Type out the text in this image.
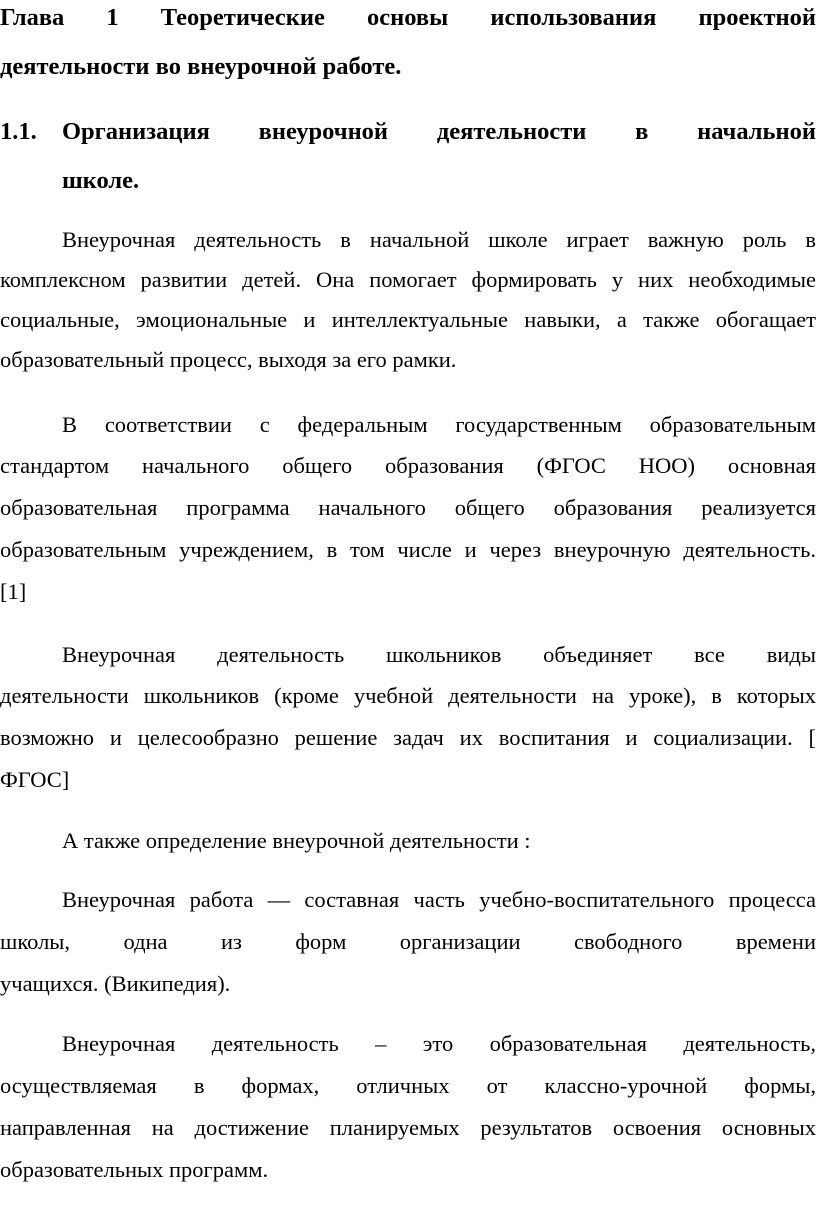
Глава 1 Теоретические основы использования проектной
деятельности во внеурочной работе.
1.1. Организация внеурочной деятельности в начальной
школе.
Внеурочная деятельность в начальной школе играет важную роль в
комплексном развитии детей. Она помогает формировать у них необходимые
социальные, эмоциональные и интеллектуальные навыки, а также обогащает
образовательный процесс, выходя за его рамки.
В соответствии с федеральным государственным образовательным
стандартом начального общего образования (ФГОС НОО) основная
образовательная программа начального общего образования реализуется
образовательным учреждением, в том числе и через внеурочную деятельность.
[1]
Внеурочная деятельность школьников объединяет все виды
деятельности школьников (кроме учебной деятельности на уроке), в которых
возможно и целесообразно решение задач их воспитания и социализации. [
ФГОС]
А также определение внеурочной деятельности :
Внеурочная работа — составная часть учебно-воспитательного процесса
школы, одна из форм организации свободного времени
учащихся. (Википедия).
Внеурочная деятельность – это образовательная деятельность,
осуществляемая в формах, отличных от классно-урочной формы,
направленная на достижение планируемых результатов освоения основных
образовательных программ.
